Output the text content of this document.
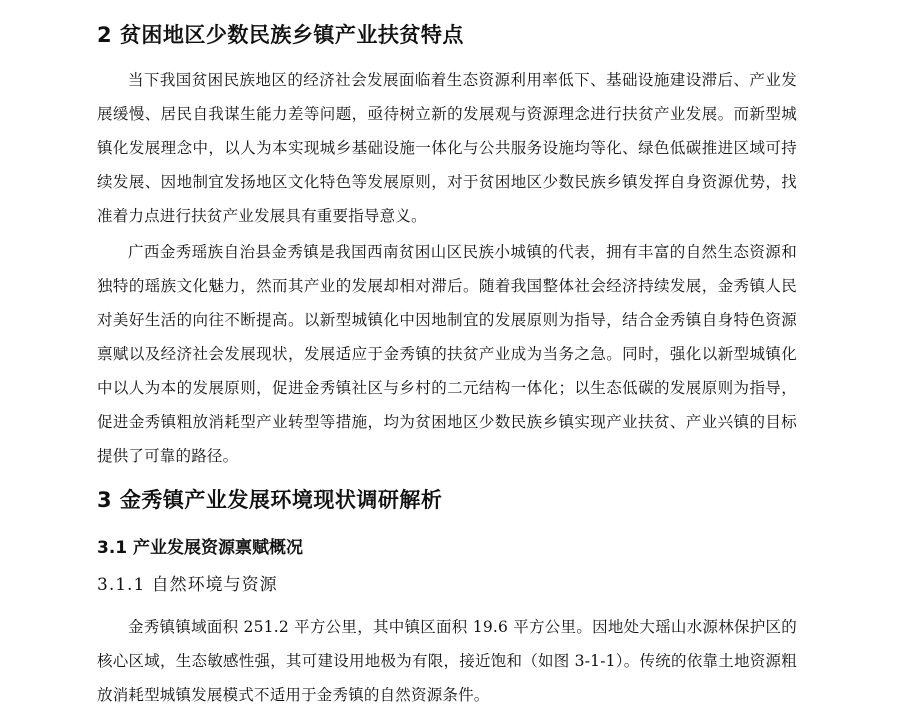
2 贫困地区少数民族乡镇产业扶贫特点

当下我国贫困民族地区的经济社会发展面临着生态资源利用率低下、基础设施建设滞后、产业发展缓慢、居民自我谋生能力差等问题，亟待树立新的发展观与资源理念进行扶贫产业发展。而新型城镇化发展理念中，以人为本实现城乡基础设施一体化与公共服务设施均等化、绿色低碳推进区域可持续发展、因地制宜发扬地区文化特色等发展原则，对于贫困地区少数民族乡镇发挥自身资源优势，找准着力点进行扶贫产业发展具有重要指导意义。

广西金秀瑶族自治县金秀镇是我国西南贫困山区民族小城镇的代表，拥有丰富的自然生态资源和独特的瑶族文化魅力，然而其产业的发展却相对滞后。随着我国整体社会经济持续发展，金秀镇人民对美好生活的向往不断提高。以新型城镇化中因地制宜的发展原则为指导，结合金秀镇自身特色资源禀赋以及经济社会发展现状，发展适应于金秀镇的扶贫产业成为当务之急。同时，强化以新型城镇化中以人为本的发展原则，促进金秀镇社区与乡村的二元结构一体化；以生态低碳的发展原则为指导，促进金秀镇粗放消耗型产业转型等措施，均为贫困地区少数民族乡镇实现产业扶贫、产业兴镇的目标提供了可靠的路径。

3 金秀镇产业发展环境现状调研解析
3.1 产业发展资源禀赋概况
3.1.1 自然环境与资源

金秀镇镇域面积 251.2 平方公里，其中镇区面积 19.6 平方公里。因地处大瑶山水源林保护区的核心区域，生态敏感性强，其可建设用地极为有限，接近饱和（如图 3-1-1）。传统的依靠土地资源粗放消耗型城镇发展模式不适用于金秀镇的自然资源条件。
